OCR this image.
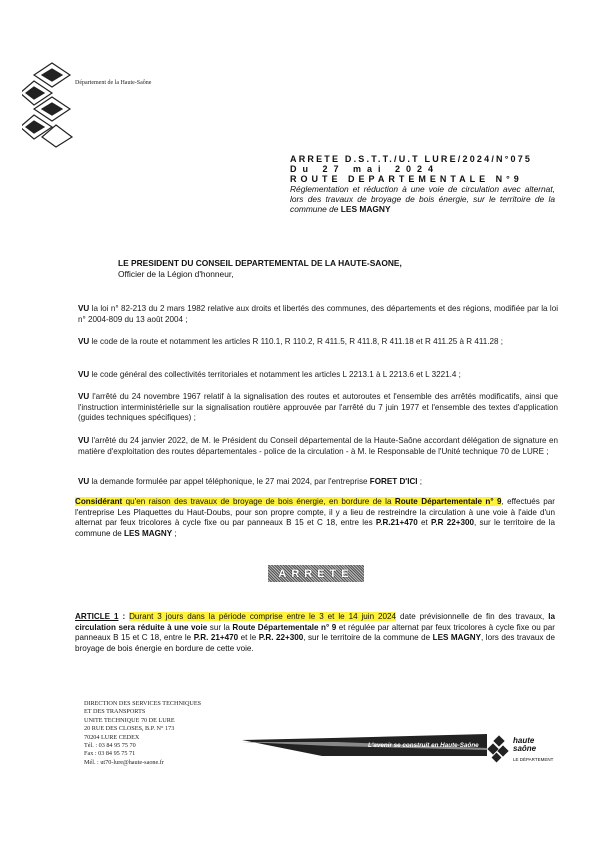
Département de la Haute-Saône
ARRETE D.S.T.T./U.T LURE/2024/N°075
Du 27 mai 2024
ROUTE DEPARTEMENTALE N°9
Réglementation et réduction à une voie de circulation avec alternat, lors des travaux de broyage de bois énergie, sur le territoire de la commune de LES MAGNY
LE PRESIDENT DU CONSEIL DEPARTEMENTAL DE LA HAUTE-SAONE,
Officier de la Légion d'honneur,
VU la loi n° 82-213 du 2 mars 1982 relative aux droits et libertés des communes, des départements et des régions, modifiée par la loi n° 2004-809 du 13 août 2004 ;
VU le code de la route et notamment les articles R 110.1, R 110.2, R 411.5, R 411.8, R 411.18 et R 411.25 à R 411.28 ;
VU le code général des collectivités territoriales et notamment les articles L 2213.1 à L 2213.6 et L 3221.4 ;
VU l'arrêté du 24 novembre 1967 relatif à la signalisation des routes et autoroutes et l'ensemble des arrêtés modificatifs, ainsi que l'instruction interministérielle sur la signalisation routière approuvée par l'arrêté du 7 juin 1977 et l'ensemble des textes d'application (guides techniques spécifiques) ;
VU l'arrêté du 24 janvier 2022, de M. le Président du Conseil départemental de la Haute-Saône accordant délégation de signature en matière d'exploitation des routes départementales - police de la circulation - à M. le Responsable de l'Unité technique 70 de LURE ;
VU la demande formulée par appel téléphonique, le 27 mai 2024, par l'entreprise FORET D'ICI ;
Considérant qu'en raison des travaux de broyage de bois énergie, en bordure de la Route Départementale n° 9, effectués par l'entreprise Les Plaquettes du Haut-Doubs, pour son propre compte, il y a lieu de restreindre la circulation à une voie à l'aide d'un alternat par feux tricolores à cycle fixe ou par panneaux B 15 et C 18, entre les P.R.21+470 et P.R 22+300, sur le territoire de la commune de LES MAGNY ;
ARRETE
ARTICLE 1 : Durant 3 jours dans la période comprise entre le 3 et le 14 juin 2024 date prévisionnelle de fin des travaux, la circulation sera réduite à une voie sur la Route Départementale n° 9 et régulée par alternat par feux tricolores à cycle fixe ou par panneaux B 15 et C 18, entre le P.R. 21+470 et le P.R. 22+300, sur le territoire de la commune de LES MAGNY, lors des travaux de broyage de bois énergie en bordure de cette voie.
DIRECTION DES SERVICES TECHNIQUES
ET DES TRANSPORTS
UNITE TECHNIQUE 70 DE LURE
20 RUE DES CLOSES, B.P. N° 173
70204 LURE CEDEX
Tél. : 03 84 95 75 70
Fax : 03 84 95 75 71
Mél. : ut70-lure@haute-saone.fr
L'avenir se construit en Haute-Saône
haute saône
LE DÉPARTEMENT
